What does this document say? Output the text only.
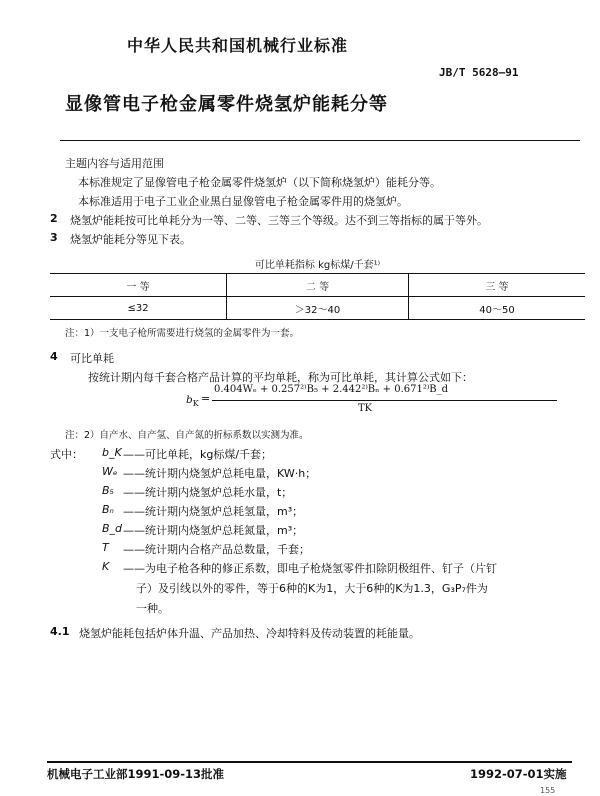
中华人民共和国机械行业标准
JB/T 5628—91
显像管电子枪金属零件烧氢炉能耗分等
主题内容与适用范围
本标准规定了显像管电子枪金属零件烧氢炉（以下简称烧氢炉）能耗分等。
本标准适用于电子工业企业黑白显像管电子枪金属零件用的烧氢炉。
2 烧氢炉能耗按可比单耗分为一等、二等、三等三个等级。达不到三等指标的属于等外。
3 烧氢炉能耗分等见下表。
可比单耗指标 kg标煤/千套¹⁾		
一 等	二 等	三 等
≤32	＞32～40	40～50
注：1）一支电子枪所需要进行烧氢的金属零件为一套。
4 可比单耗
按统计期内每千套合格产品计算的平均单耗，称为可比单耗，其计算公式如下：
$b_K$ =
0.404Wₑ + 0.257²⁾B₅ + 2.442²⁾Bₙ + 0.671²⁾B_d
TK
注：2）自产水、自产氢、自产氮的折标系数以实测为准。
式中： b_K ——可比单耗，kg标煤/千套；
Wₑ ——统计期内烧氢炉总耗电量，KW·h；
B₅ ——统计期内烧氢炉总耗水量，t；
Bₙ ——统计期内烧氢炉总耗氢量，m³；
B_d ——统计期内烧氢炉总耗氮量，m³；
T ——统计期内合格产品总数量，千套；
K ——为电子枪各种的修正系数，即电子枪烧氢零件扣除阴极组件、钉子（片钉
子）及引线以外的零件，等于6种的K为1，大于6种的K为1.3，G₃P₇件为
一种。
4.1 烧氢炉能耗包括炉体升温、产品加热、冷却特料及传动装置的耗能量。
机械电子工业部1991-09-13批准	1992-07-01实施
155
